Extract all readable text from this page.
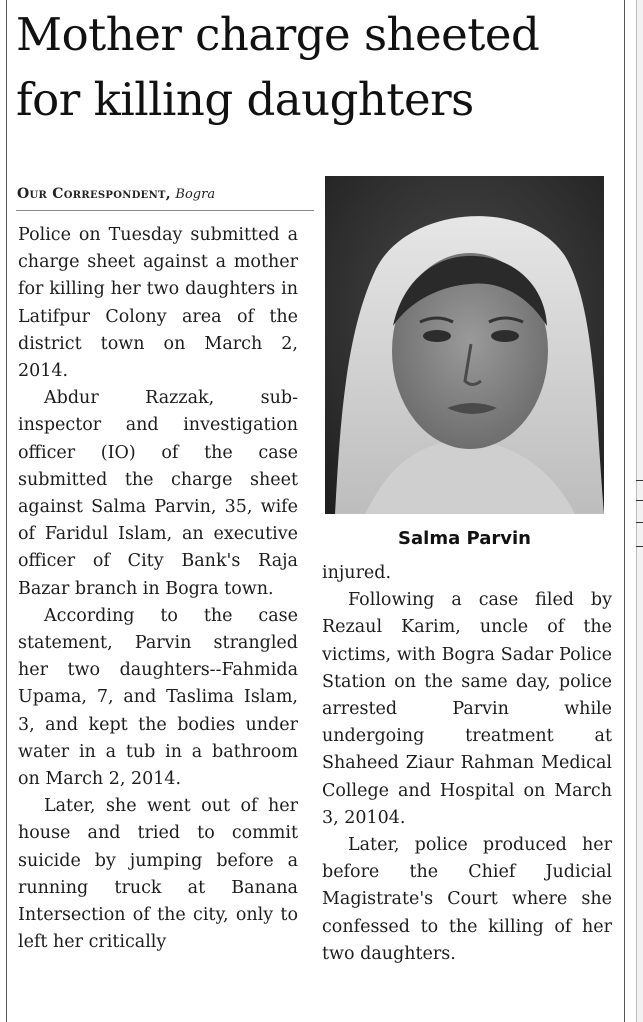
Mother charge sheeted
for killing daughters
Our Correspondent, Bogra

Police on Tuesday submitted a charge sheet against a mother for killing her two daughters in Latifpur Colony area of the district town on March 2, 2014.

Abdur Razzak, sub-inspector and investigation officer (IO) of the case submitted the charge sheet against Salma Parvin, 35, wife of Faridul Islam, an executive officer of City Bank's Raja Bazar branch in Bogra town.

According to the case statement, Parvin strangled her two daughters--Fahmida Upama, 7, and Taslima Islam, 3, and kept the bodies under water in a tub in a bathroom on March 2, 2014.

Later, she went out of her house and tried to commit suicide by jumping before a running truck at Banana Intersection of the city, only to left her critically

Salma Parvin

injured.

Following a case filed by Rezaul Karim, uncle of the victims, with Bogra Sadar Police Station on the same day, police arrested Parvin while undergoing treatment at Shaheed Ziaur Rahman Medical College and Hospital on March 3, 20104.

Later, police produced her before the Chief Judicial Magistrate's Court where she confessed to the killing of her two daughters.
